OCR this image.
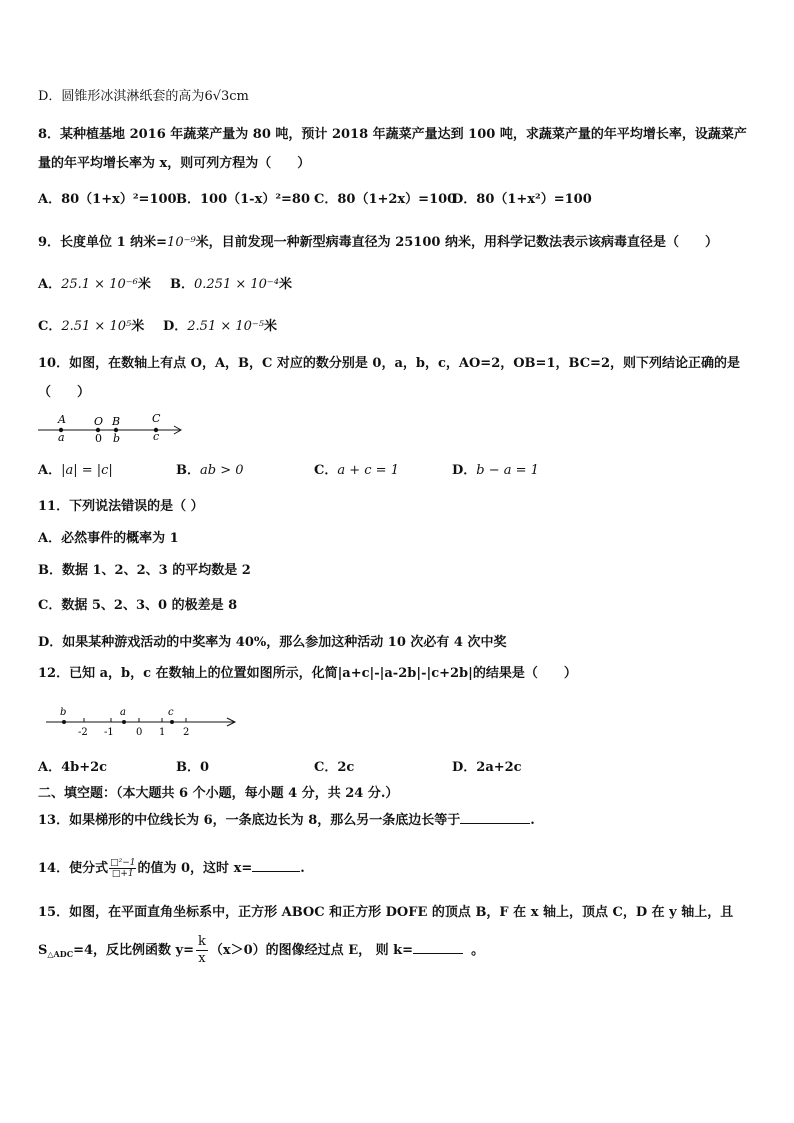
D．圆锥形冰淇淋纸套的高为6√3cm
8．某种植基地 2016 年蔬菜产量为 80 吨，预计 2018 年蔬菜产量达到 100 吨，求蔬菜产量的年平均增长率，设蔬菜产
量的年平均增长率为 x，则可列方程为（　　）
A．80（1+x）²=100 B．100（1-x）²=80 C．80（1+2x）=100
D．80（1+x²）=100
9．长度单位 1 纳米=10⁻⁹米，目前发现一种新型病毒直径为 25100 纳米，用科学记数法表示该病毒直径是（　　）
A．25.1 × 10⁻⁶米 B．0.251 × 10⁻⁴米
C．2.51 × 10⁵米 D．2.51 × 10⁻⁵米
10．如图，在数轴上有点 O，A，B，C 对应的数分别是 0，a，b，c，AO=2，OB=1，BC=2，则下列结论正确的是
（　　）
A	O B	C
a	0 b	c
A．|a| = |c|	B．ab > 0	C．a + c = 1	D．b − a = 1
11．下列说法错误的是（ ）
A．必然事件的概率为 1
B．数据 1、2、2、3 的平均数是 2
C．数据 5、2、3、0 的极差是 8
D．如果某种游戏活动的中奖率为 40%，那么参加这种活动 10 次必有 4 次中奖
12．已知 a，b，c 在数轴上的位置如图所示，化简|a+c|-|a-2b|-|c+2b|的结果是（　　）
b	a	c
-2 -1 0 1 2
A．4b+2c	B．0	C．2c	D．2a+2c
二、填空题：（本大题共 6 个小题，每小题 4 分，共 24 分.）
13．如果梯形的中位线长为 6，一条底边长为 8，那么另一条底边长等于	.
14．使分式 $\frac{\text{□²−1}}{□+1}$ 的值为 0，这时 x=	.
15．如图，在平面直角坐标系中，正方形 ABOC 和正方形 DOFE 的顶点 B，F 在 x 轴上，顶点 C，D 在 y 轴上，且
$S_{\triangle ADC}=4$，反比例函数 $y= \frac{k}{x} (x>0)$的图像经过点 E， 则 k=	。
